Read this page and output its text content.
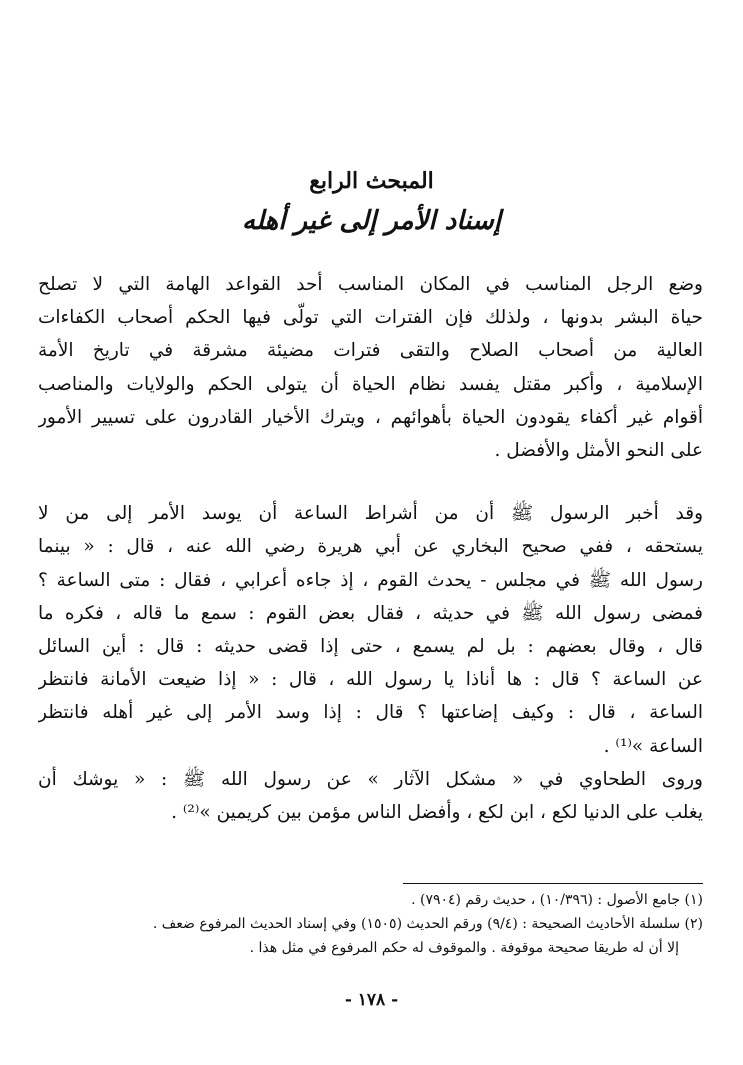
المبحث الرابع
إسناد الأمر إلى غير أهله
وضع الرجل المناسب في المكان المناسب أحد القواعد الهامة التي لا تصلح
حياة البشر بدونها ، ولذلك فإن الفترات التي تولّى فيها الحكم أصحاب الكفاءات
العالية من أصحاب الصلاح والتقى فترات مضيئة مشرقة في تاريخ الأمة
الإسلامية ، وأكبر مقتل يفسد نظام الحياة أن يتولى الحكم والولايات والمناصب
أقوام غير أكفاء يقودون الحياة بأهوائهم ، ويترك الأخيار القادرون على تسيير الأمور
على النحو الأمثل والأفضل .
وقد أخبر الرسول ﷺ أن من أشراط الساعة أن يوسد الأمر إلى من لا
يستحقه ، ففي صحيح البخاري عن أبي هريرة رضي الله عنه ، قال : « بينما
رسول الله ﷺ في مجلس - يحدث القوم ، إذ جاءه أعرابي ، فقال : متى الساعة ؟
فمضى رسول الله ﷺ في حديثه ، فقال بعض القوم : سمع ما قاله ، فكره ما
قال ، وقال بعضهم : بل لم يسمع ، حتى إذا قضى حديثه : قال : أين السائل
عن الساعة ؟ قال : ها أناذا يا رسول الله ، قال : « إذا ضيعت الأمانة فانتظر
الساعة ، قال : وكيف إضاعتها ؟ قال : إذا وسد الأمر إلى غير أهله فانتظر
الساعة »⁽¹⁾ .
وروى الطحاوي في « مشكل الآثار » عن رسول الله ﷺ : « يوشك أن
يغلب على الدنيا لكع ، ابن لكع ، وأفضل الناس مؤمن بين كريمين »⁽²⁾ .
(١) جامع الأصول : (١٠/٣٩٦) ، حديث رقم (٧٩٠٤) .
(٢) سلسلة الأحاديث الصحيحة : (٩/٤) ورقم الحديث (١٥٠٥) وفي إسناد الحديث المرفوع ضعف .
إلا أن له طريقا صحيحة موقوفة . والموقوف له حكم المرفوع في مثل هذا .
- ١٧٨ -
